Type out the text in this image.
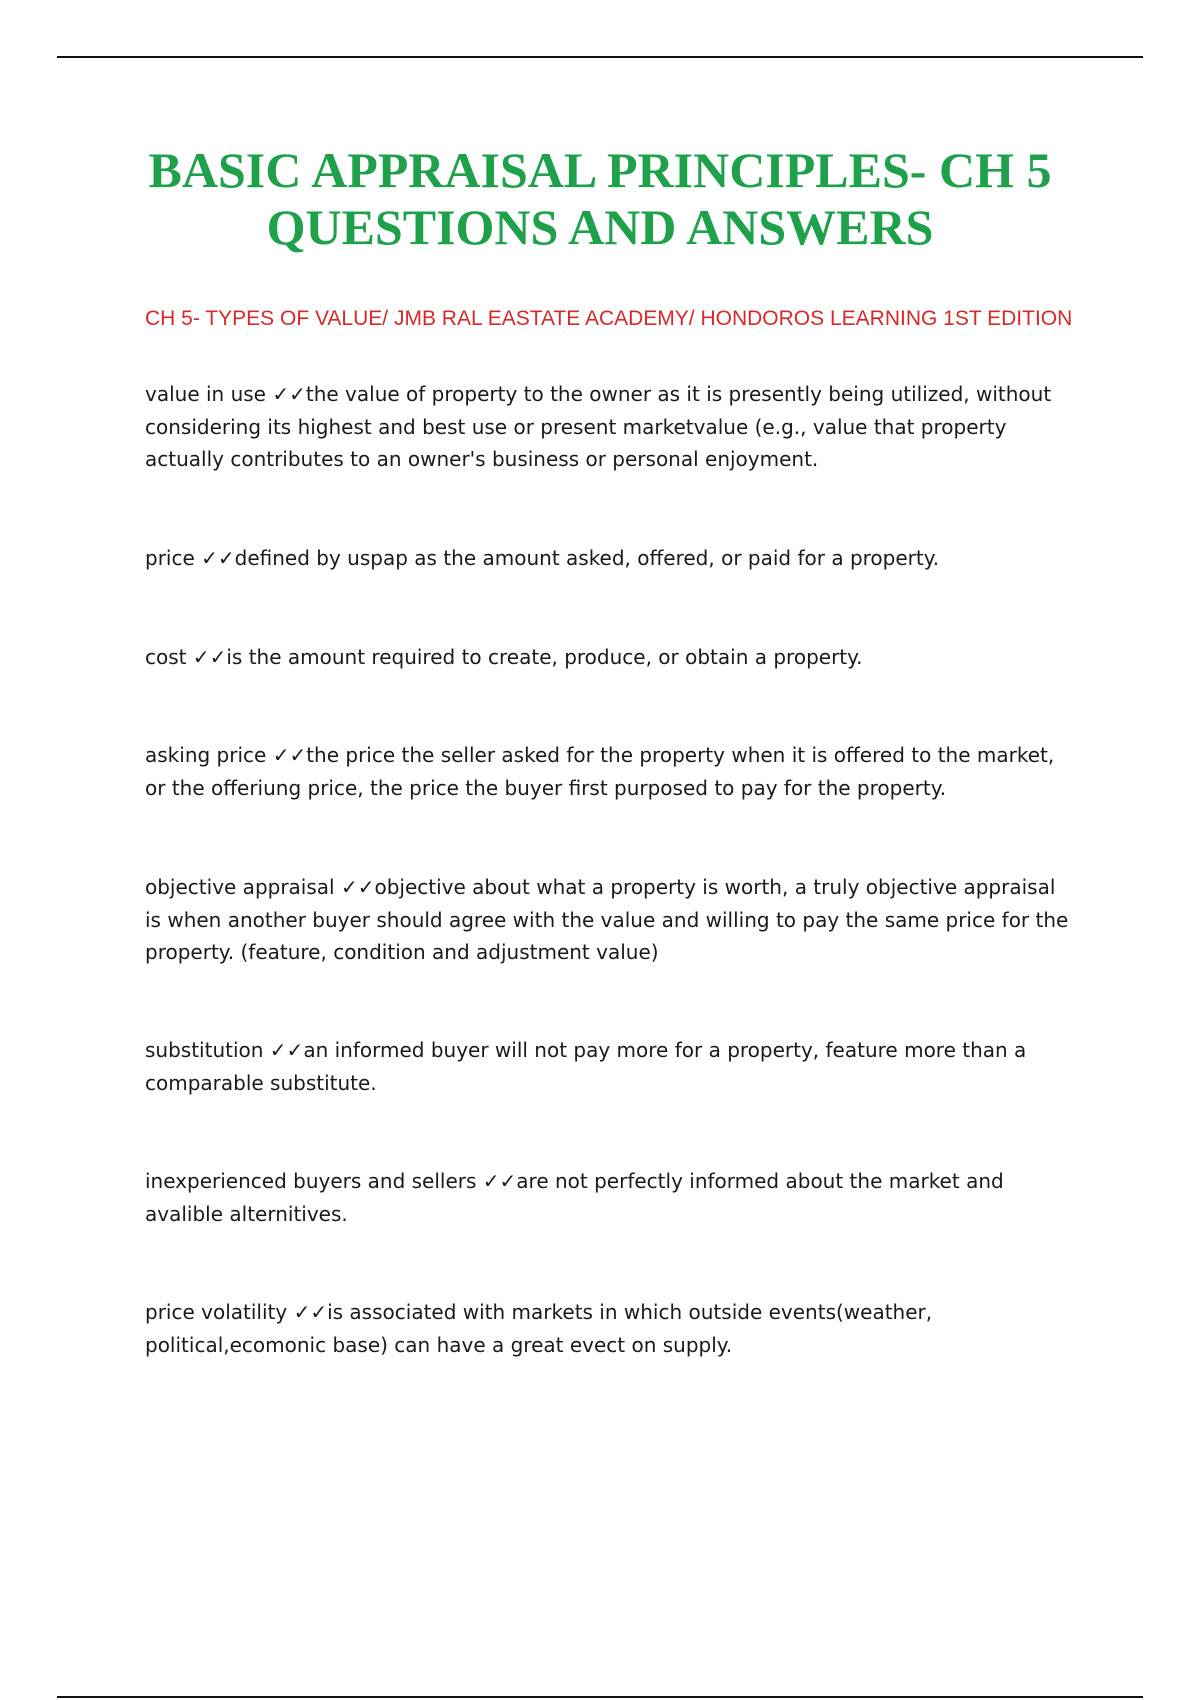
BASIC APPRAISAL PRINCIPLES- CH 5 QUESTIONS AND ANSWERS

CH 5- TYPES OF VALUE/ JMB RAL EASTATE ACADEMY/ HONDOROS LEARNING 1ST EDITION

value in use ✓✓the value of property to the owner as it is presently being utilized, without considering its highest and best use or present marketvalue (e.g., value that property actually contributes to an owner's business or personal enjoyment.

price ✓✓defined by uspap as the amount asked, offered, or paid for a property.

cost ✓✓is the amount required to create, produce, or obtain a property.

asking price ✓✓the price the seller asked for the property when it is offered to the market, or the offeriung price, the price the buyer first purposed to pay for the property.

objective appraisal ✓✓objective about what a property is worth, a truly objective appraisal is when another buyer should agree with the value and willing to pay the same price for the property. (feature, condition and adjustment value)

substitution ✓✓an informed buyer will not pay more for a property, feature more than a comparable substitute.

inexperienced buyers and sellers ✓✓are not perfectly informed about the market and avalible alternitives.

price volatility ✓✓is associated with markets in which outside events(weather, political,ecomonic base) can have a great evect on supply.
